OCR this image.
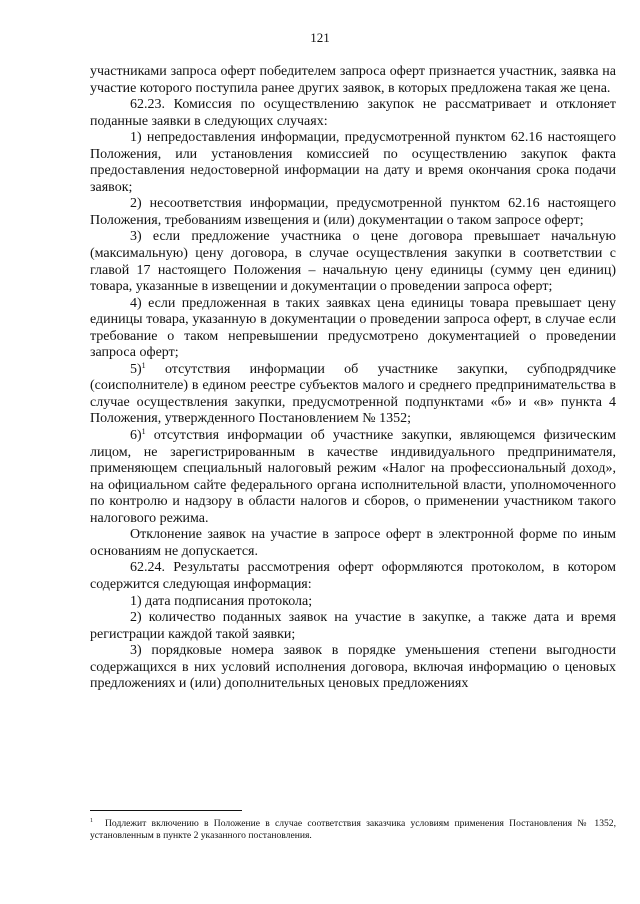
121

участниками запроса оферт победителем запроса оферт признается участник, заявка на участие которого поступила ранее других заявок, в которых предложена такая же цена.

62.23. Комиссия по осуществлению закупок не рассматривает и отклоняет поданные заявки в следующих случаях:

1) непредоставления информации, предусмотренной пунктом 62.16 настоящего Положения, или установления комиссией по осуществлению закупок факта предоставления недостоверной информации на дату и время окончания срока подачи заявок;

2) несоответствия информации, предусмотренной пунктом 62.16 настоящего Положения, требованиям извещения и (или) документации о таком запросе оферт;

3) если предложение участника о цене договора превышает начальную (максимальную) цену договора, в случае осуществления закупки в соответствии с главой 17 настоящего Положения – начальную цену единицы (сумму цен единиц) товара, указанные в извещении и документации о проведении запроса оферт;

4) если предложенная в таких заявках цена единицы товара превышает цену единицы товара, указанную в документации о проведении запроса оферт, в случае если требование о таком непревышении предусмотрено документацией о проведении запроса оферт;

5)$^1$ отсутствия информации об участнике закупки, субподрядчике (соисполнителе) в едином реестре субъектов малого и среднего предпринимательства в случае осуществления закупки, предусмотренной подпунктами «б» и «в» пункта 4 Положения, утвержденного Постановлением № 1352;

6)$^1$ отсутствия информации об участнике закупки, являющемся физическим лицом, не зарегистрированным в качестве индивидуального предпринимателя, применяющем специальный налоговый режим «Налог на профессиональный доход», на официальном сайте федерального органа исполнительной власти, уполномоченного по контролю и надзору в области налогов и сборов, о применении участником такого налогового режима.

Отклонение заявок на участие в запросе оферт в электронной форме по иным основаниям не допускается.

62.24. Результаты рассмотрения оферт оформляются протоколом, в котором содержится следующая информация:

1) дата подписания протокола;

2) количество поданных заявок на участие в закупке, а также дата и время регистрации каждой такой заявки;

3) порядковые номера заявок в порядке уменьшения степени выгодности содержащихся в них условий исполнения договора, включая информацию о ценовых предложениях и (или) дополнительных ценовых предложениях

$^1$ Подлежит включению в Положение в случае соответствия заказчика условиям применения Постановления № 1352, установленным в пункте 2 указанного постановления.
